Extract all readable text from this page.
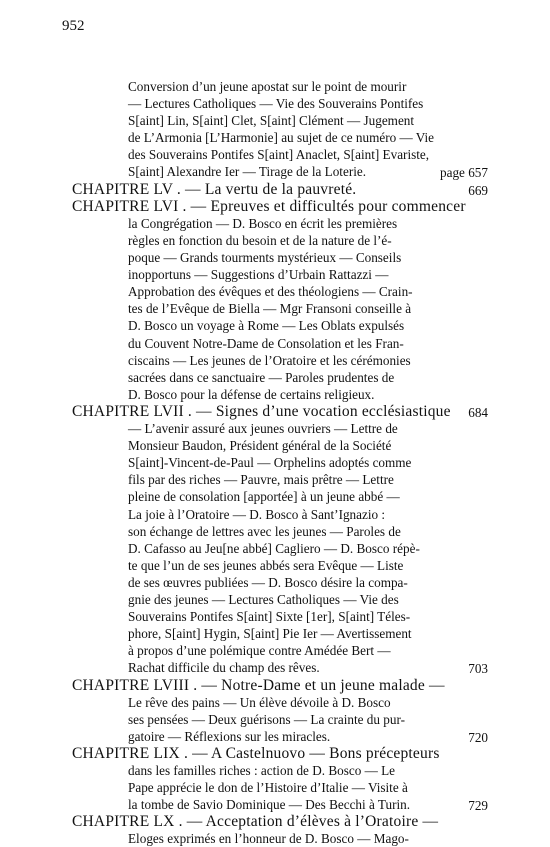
952
Conversion d’un jeune apostat sur le point de mourir
— Lectures Catholiques — Vie des Souverains Pontifes
S[aint] Lin, S[aint] Clet, S[aint] Clément — Jugement
de L’Armonia [L’Harmonie] au sujet de ce numéro — Vie
des Souverains Pontifes S[aint] Anaclet, S[aint] Evariste,
S[aint] Alexandre Ier — Tirage de la Loterie.
CHAPITRE LV . — La vertu de la pauvreté.
CHAPITRE LVI . — Epreuves et difficultés pour commencer
la Congrégation — D. Bosco en écrit les premières
règles en fonction du besoin et de la nature de l’é-
poque — Grands tourments mystérieux — Conseils
inopportuns — Suggestions d’Urbain Rattazzi —
Approbation des évêques et des théologiens — Crain-
tes de l’Evêque de Biella — Mgr Fransoni conseille à
D. Bosco un voyage à Rome — Les Oblats expulsés
du Couvent Notre-Dame de Consolation et les Fran-
ciscains — Les jeunes de l’Oratoire et les cérémonies
sacrées dans ce sanctuaire — Paroles prudentes de
D. Bosco pour la défense de certains religieux.
CHAPITRE LVII . — Signes d’une vocation ecclésiastique
— L’avenir assuré aux jeunes ouvriers — Lettre de
Monsieur Baudon, Président général de la Société
S[aint]-Vincent-de-Paul — Orphelins adoptés comme
fils par des riches — Pauvre, mais prêtre — Lettre
pleine de consolation [apportée] à un jeune abbé —
La joie à l’Oratoire — D. Bosco à Sant’Ignazio :
son échange de lettres avec les jeunes — Paroles de
D. Cafasso au Jeu[ne abbé] Cagliero — D. Bosco répè-
te que l’un de ses jeunes abbés sera Evêque — Liste
de ses œuvres publiées — D. Bosco désire la compa-
gnie des jeunes — Lectures Catholiques — Vie des
Souverains Pontifes S[aint] Sixte [1er], S[aint] Téles-
phore, S[aint] Hygin, S[aint] Pie Ier — Avertissement
à propos d’une polémique contre Amédée Bert —
Rachat difficile du champ des rêves.
CHAPITRE LVIII . — Notre-Dame et un jeune malade —
Le rêve des pains — Un élève dévoile à D. Bosco
ses pensées — Deux guérisons — La crainte du pur-
gatoire — Réflexions sur les miracles.
CHAPITRE LIX . — A Castelnuovo — Bons précepteurs
dans les familles riches : action de D. Bosco — Le
Pape apprécie le don de l’Histoire d’Italie — Visite à
la tombe de Savio Dominique — Des Becchi à Turin.
CHAPITRE LX . — Acceptation d’élèves à l’Oratoire —
Eloges exprimés en l’honneur de D. Bosco — Mago-
page 657
669
684
703
720
729
